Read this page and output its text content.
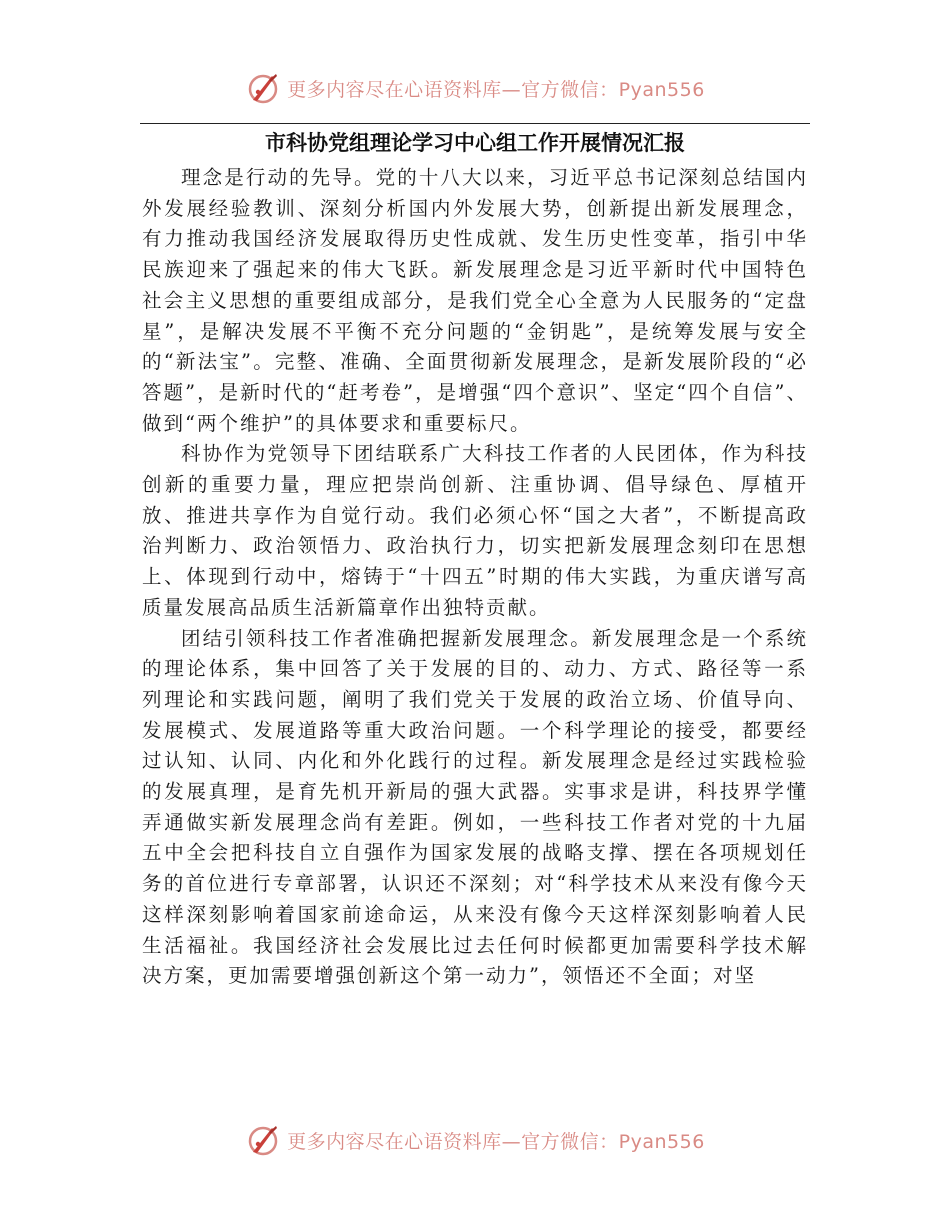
更多内容尽在心语资料库—官方微信：Pyan556
市科协党组理论学习中心组工作开展情况汇报

理念是行动的先导。党的十八大以来，习近平总书记深刻总结国内外发展经验教训、深刻分析国内外发展大势，创新提出新发展理念，有力推动我国经济发展取得历史性成就、发生历史性变革，指引中华民族迎来了强起来的伟大飞跃。新发展理念是习近平新时代中国特色社会主义思想的重要组成部分，是我们党全心全意为人民服务的“定盘星”，是解决发展不平衡不充分问题的“金钥匙”，是统筹发展与安全的“新法宝”。完整、准确、全面贯彻新发展理念，是新发展阶段的“必答题”，是新时代的“赶考卷”，是增强“四个意识”、坚定“四个自信”、做到“两个维护”的具体要求和重要标尺。

科协作为党领导下团结联系广大科技工作者的人民团体，作为科技创新的重要力量，理应把崇尚创新、注重协调、倡导绿色、厚植开放、推进共享作为自觉行动。我们必须心怀“国之大者”，不断提高政治判断力、政治领悟力、政治执行力，切实把新发展理念刻印在思想上、体现到行动中，熔铸于“十四五”时期的伟大实践，为重庆谱写高质量发展高品质生活新篇章作出独特贡献。

团结引领科技工作者准确把握新发展理念。新发展理念是一个系统的理论体系，集中回答了关于发展的目的、动力、方式、路径等一系列理论和实践问题，阐明了我们党关于发展的政治立场、价值导向、发展模式、发展道路等重大政治问题。一个科学理论的接受，都要经过认知、认同、内化和外化践行的过程。新发展理念是经过实践检验的发展真理，是育先机开新局的强大武器。实事求是讲，科技界学懂弄通做实新发展理念尚有差距。例如，一些科技工作者对党的十九届五中全会把科技自立自强作为国家发展的战略支撑、摆在各项规划任务的首位进行专章部署，认识还不深刻；对“科学技术从来没有像今天这样深刻影响着国家前途命运，从来没有像今天这样深刻影响着人民生活福祉。我国经济社会发展比过去任何时候都更加需要科学技术解决方案，更加需要增强创新这个第一动力”，领悟还不全面；对坚

更多内容尽在心语资料库—官方微信：Pyan556
